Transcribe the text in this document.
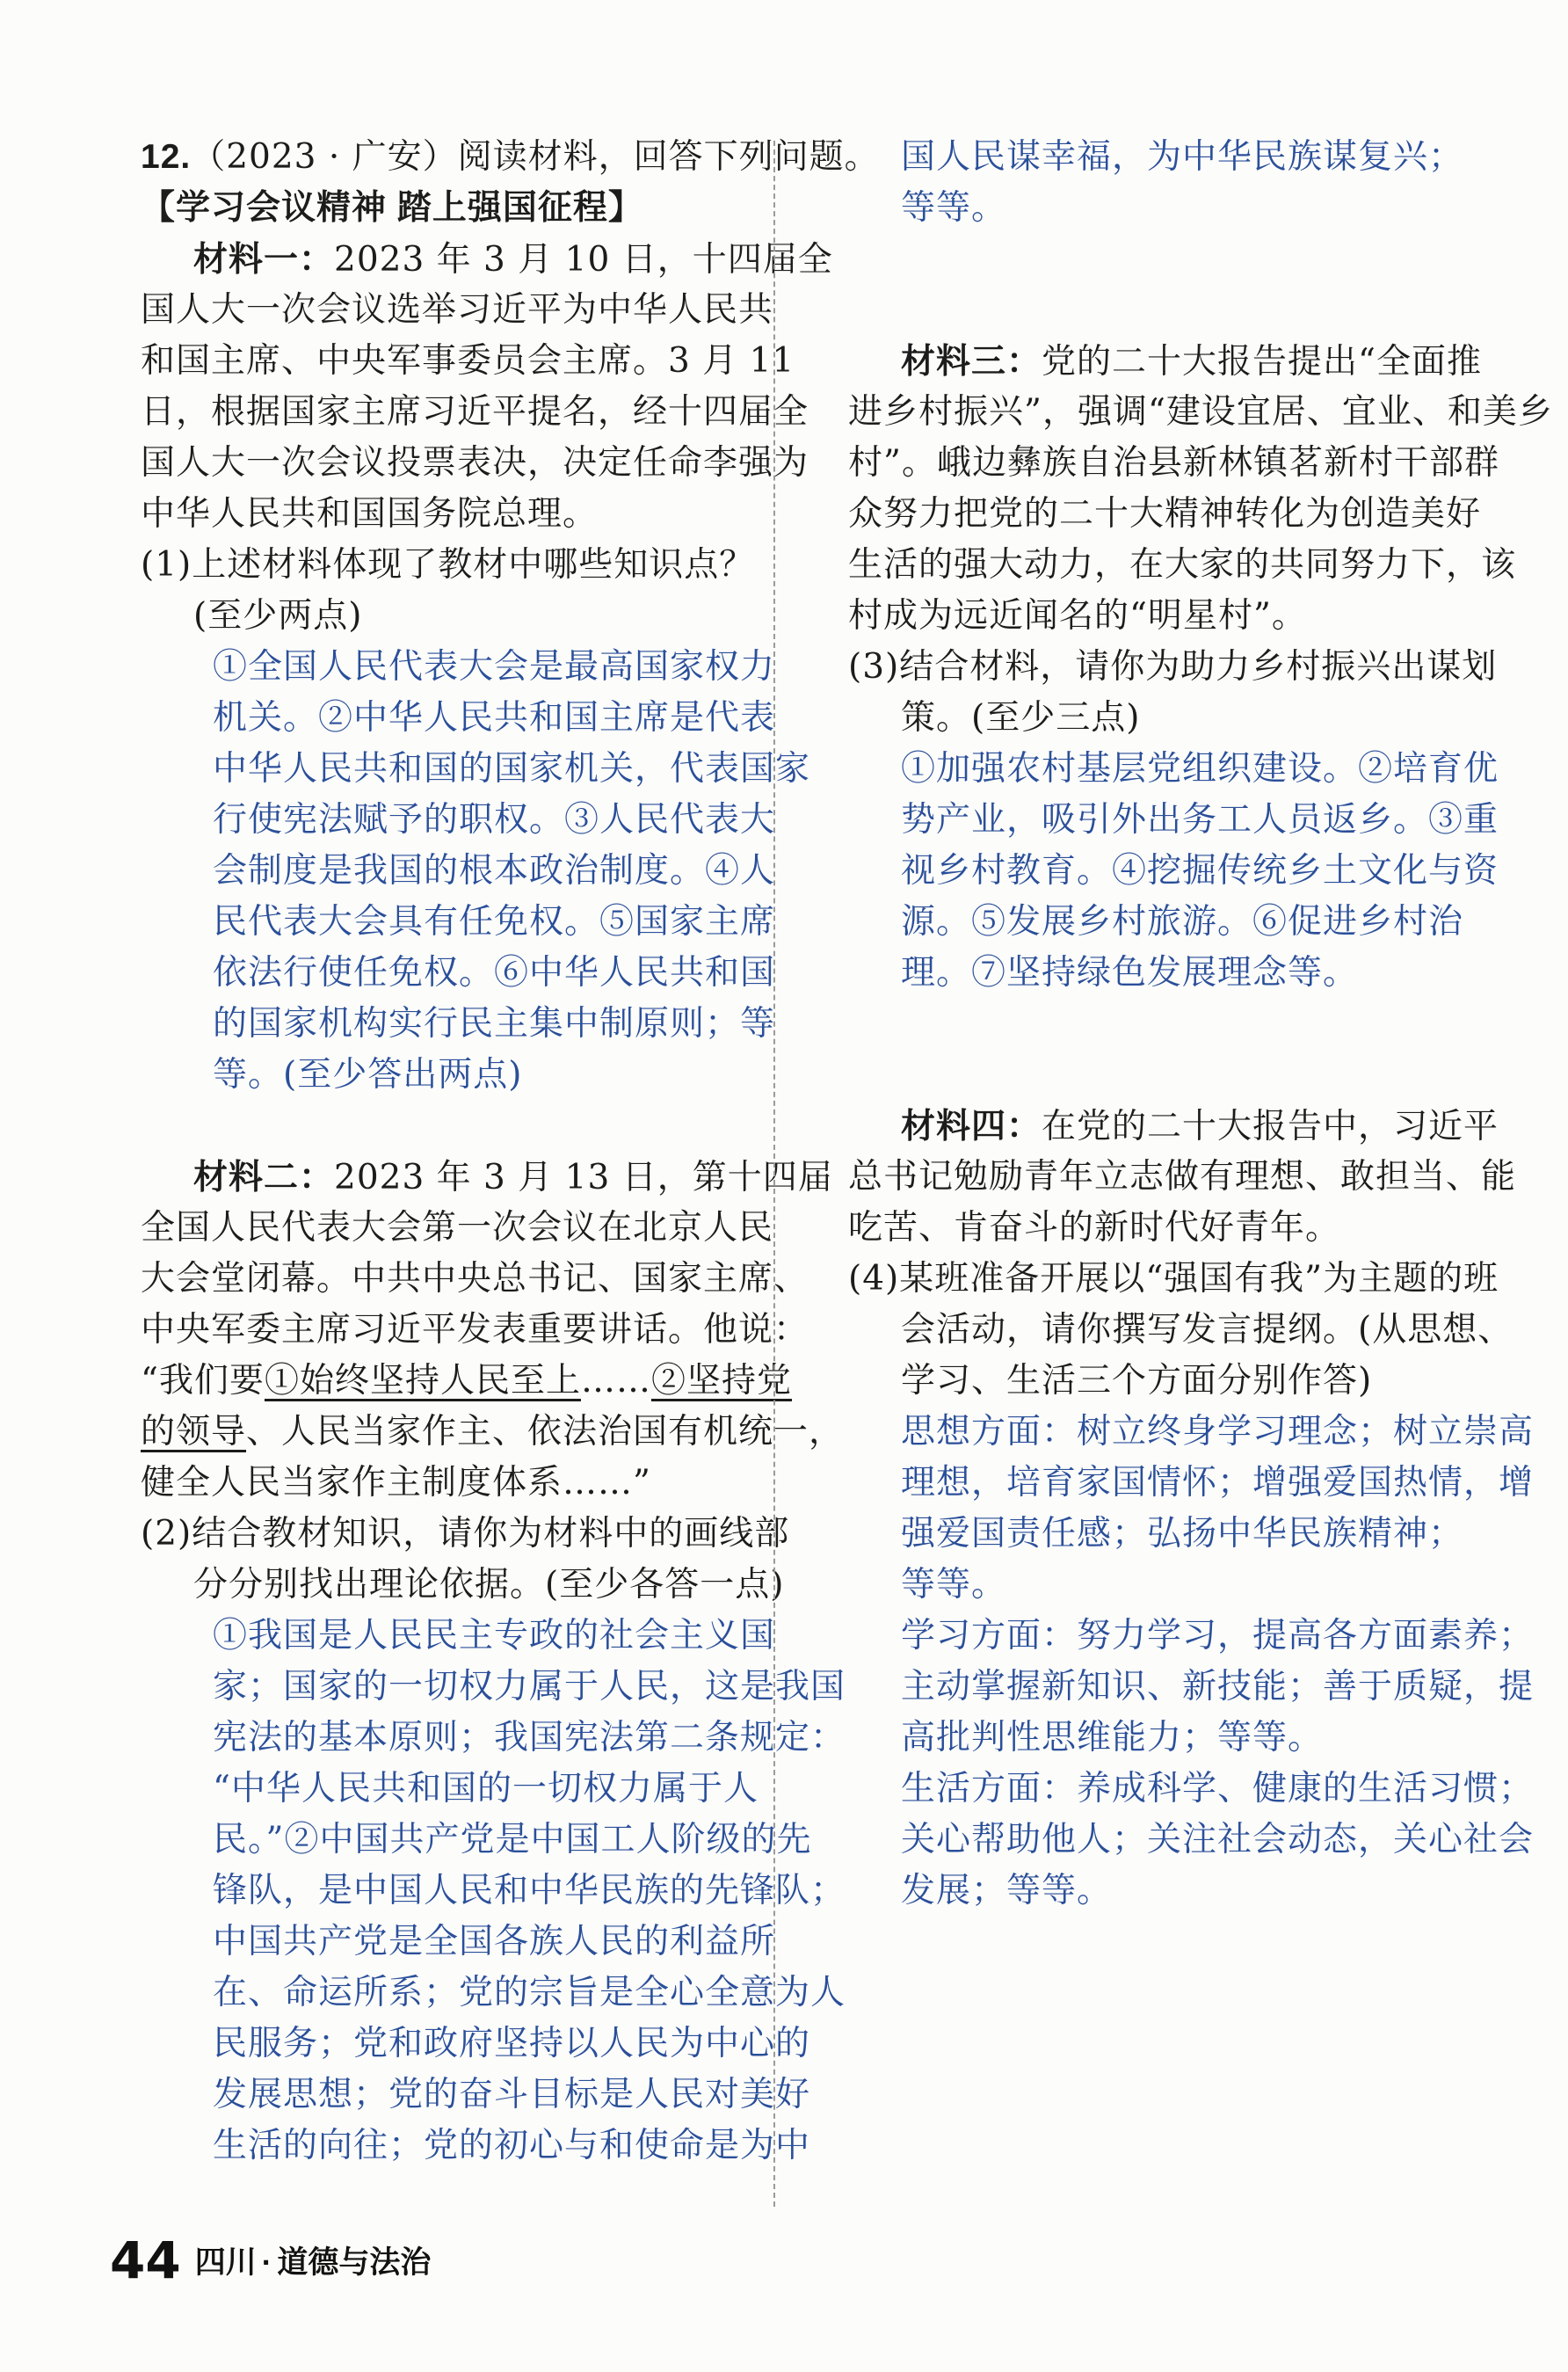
12.（2023 · 广安）阅读材料，回答下列问题。
【学习会议精神 踏上强国征程】
材料一：2023 年 3 月 10 日，十四届全
国人大一次会议选举习近平为中华人民共
和国主席、中央军事委员会主席。3 月 11
日，根据国家主席习近平提名，经十四届全
国人大一次会议投票表决，决定任命李强为
中华人民共和国国务院总理。
(1)上述材料体现了教材中哪些知识点？
(至少两点)
①全国人民代表大会是最高国家权力
机关。②中华人民共和国主席是代表
中华人民共和国的国家机关，代表国家
行使宪法赋予的职权。③人民代表大
会制度是我国的根本政治制度。④人
民代表大会具有任免权。⑤国家主席
依法行使任免权。⑥中华人民共和国
的国家机构实行民主集中制原则；等
等。(至少答出两点)
材料二：2023 年 3 月 13 日，第十四届
全国人民代表大会第一次会议在北京人民
大会堂闭幕。中共中央总书记、国家主席、
中央军委主席习近平发表重要讲话。他说：
“我们要①始终坚持人民至上……②坚持党
的领导、人民当家作主、依法治国有机统一，
健全人民当家作主制度体系……”
(2)结合教材知识，请你为材料中的画线部
分分别找出理论依据。(至少各答一点)
①我国是人民民主专政的社会主义国
家；国家的一切权力属于人民，这是我国
宪法的基本原则；我国宪法第二条规定：
“中华人民共和国的一切权力属于人
民。”②中国共产党是中国工人阶级的先
锋队，是中国人民和中华民族的先锋队；
中国共产党是全国各族人民的利益所
在、命运所系；党的宗旨是全心全意为人
民服务；党和政府坚持以人民为中心的
发展思想；党的奋斗目标是人民对美好
生活的向往；党的初心与和使命是为中
国人民谋幸福，为中华民族谋复兴；
等等。
材料三：党的二十大报告提出“全面推
进乡村振兴”，强调“建设宜居、宜业、和美乡
村”。峨边彝族自治县新林镇茗新村干部群
众努力把党的二十大精神转化为创造美好
生活的强大动力，在大家的共同努力下，该
村成为远近闻名的“明星村”。
(3)结合材料，请你为助力乡村振兴出谋划
策。(至少三点)
①加强农村基层党组织建设。②培育优
势产业，吸引外出务工人员返乡。③重
视乡村教育。④挖掘传统乡土文化与资
源。⑤发展乡村旅游。⑥促进乡村治
理。⑦坚持绿色发展理念等。
材料四：在党的二十大报告中，习近平
总书记勉励青年立志做有理想、敢担当、能
吃苦、肯奋斗的新时代好青年。
(4)某班准备开展以“强国有我”为主题的班
会活动，请你撰写发言提纲。(从思想、
学习、生活三个方面分别作答)
思想方面：树立终身学习理念；树立崇高
理想，培育家国情怀；增强爱国热情，增
强爱国责任感；弘扬中华民族精神；
等等。
学习方面：努力学习，提高各方面素养；
主动掌握新知识、新技能；善于质疑，提
高批判性思维能力；等等。
生活方面：养成科学、健康的生活习惯；
关心帮助他人；关注社会动态，关心社会
发展；等等。
44 四川 · 道德与法治
